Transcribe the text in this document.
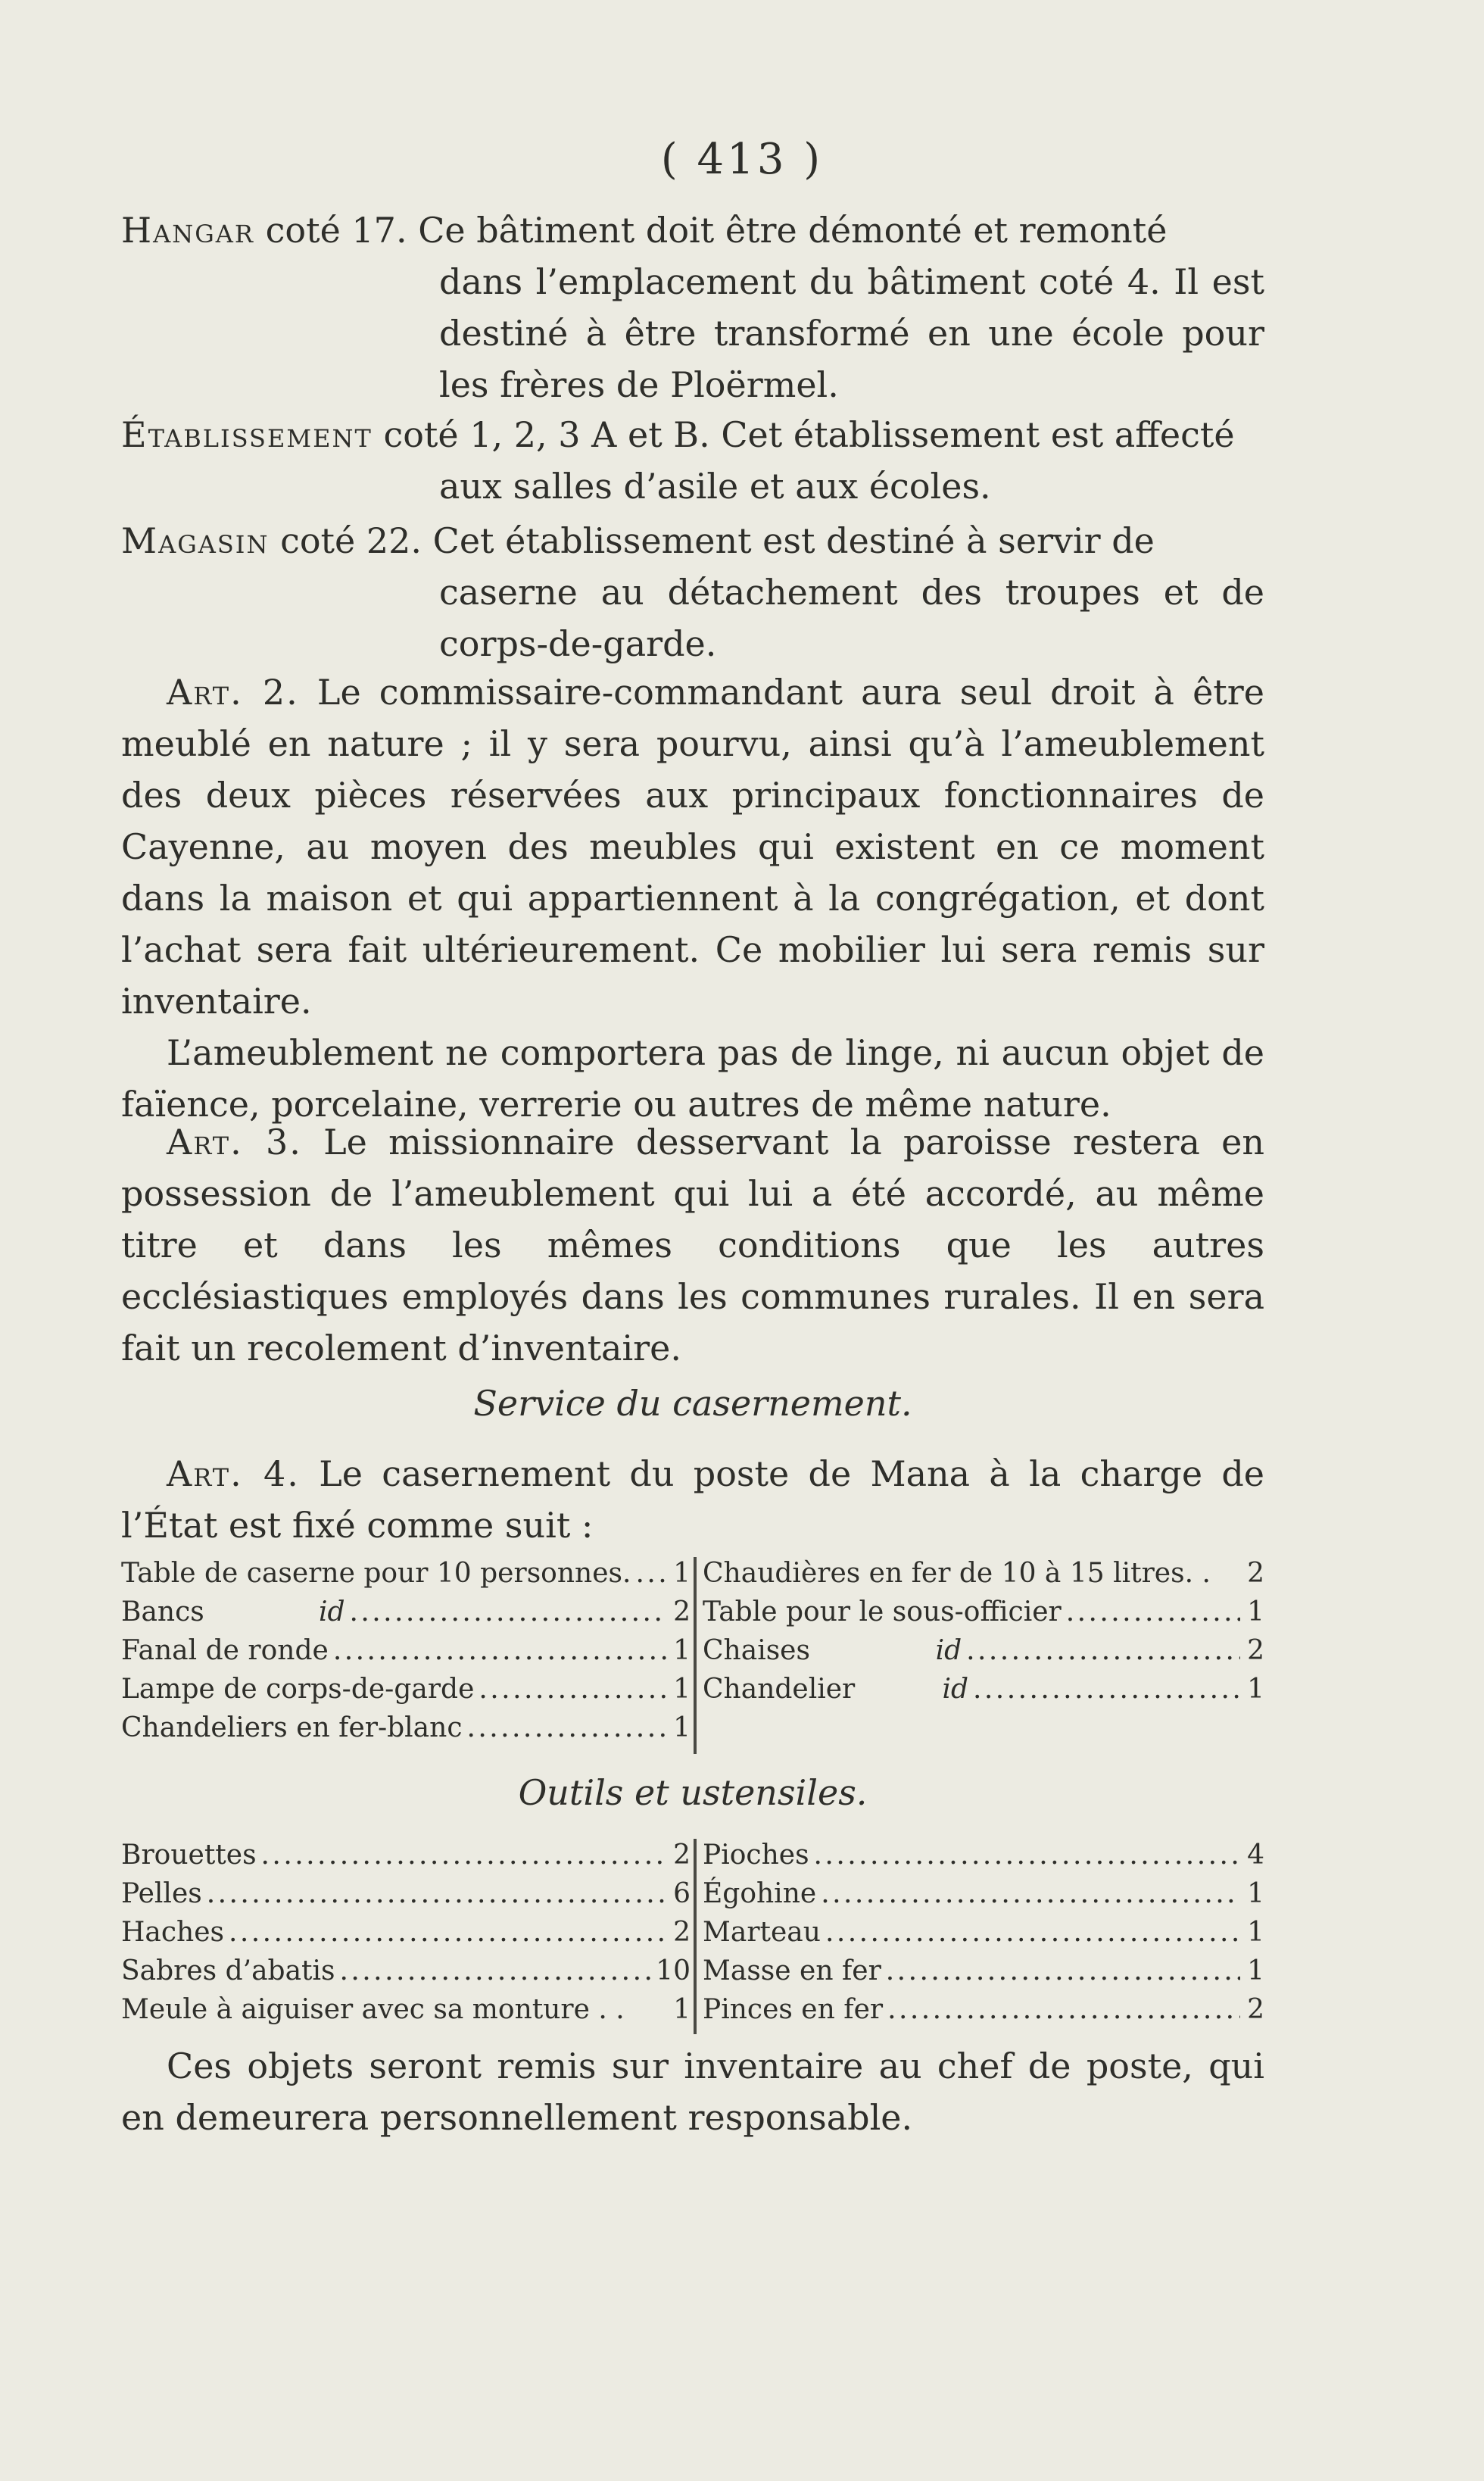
( 413 )

Hangar coté 17. Ce bâtiment doit être démonté et remonté

dans l’emplacement du bâtiment coté 4. Il est destiné à être transformé en une école pour les frères de Ploërmel.

Établissement coté 1, 2, 3 A et B. Cet établissement est affecté

aux salles d’asile et aux écoles.

Magasin coté 22. Cet établissement est destiné à servir de

caserne au détachement des troupes et de corps-de-garde.

Art. 2. Le commissaire-commandant aura seul droit à être meublé en nature ; il y sera pourvu, ainsi qu’à l’ameublement des deux pièces réservées aux principaux fonctionnaires de Cayenne, au moyen des meubles qui existent en ce moment dans la maison et qui appartiennent à la congrégation, et dont l’achat sera fait ultérieurement. Ce mobilier lui sera remis sur inventaire.

L’ameublement ne comportera pas de linge, ni aucun objet de faïence, porcelaine, verrerie ou autres de même nature.

Art. 3. Le missionnaire desservant la paroisse restera en possession de l’ameublement qui lui a été accordé, au même titre et dans les mêmes conditions que les autres ecclésiastiques employés dans les communes rurales. Il en sera fait un recolement d’inventaire.

Service du casernement.

Art. 4. Le casernement du poste de Mana à la charge de l’État est fixé comme suit :

Table de caserne pour 10 personnes. . . . 1
Bancs	id . . .	2
Fanal de ronde . . .	1
Lampe de corps-de-garde . . .	1
Chandeliers en fer-blanc . . .	1
Chaudières en fer de 10 à 15 litres. . 2
Table pour le sous-officier . . .	1
Chaises	id . . .	2
Chandelier	id . . .	1
Outils et ustensiles.
Brouettes . . .	2
Pelles . . .	6
Haches . . .	2
Sabres d’abatis . . .	10
Meule à aiguiser avec sa monture . . 1
Pioches . . .	4
Égohine . . .	1
Marteau . . .	1
Masse en fer . . .	1
Pinces en fer . . .	2

Ces objets seront remis sur inventaire au chef de poste, qui en demeurera personnellement responsable.
